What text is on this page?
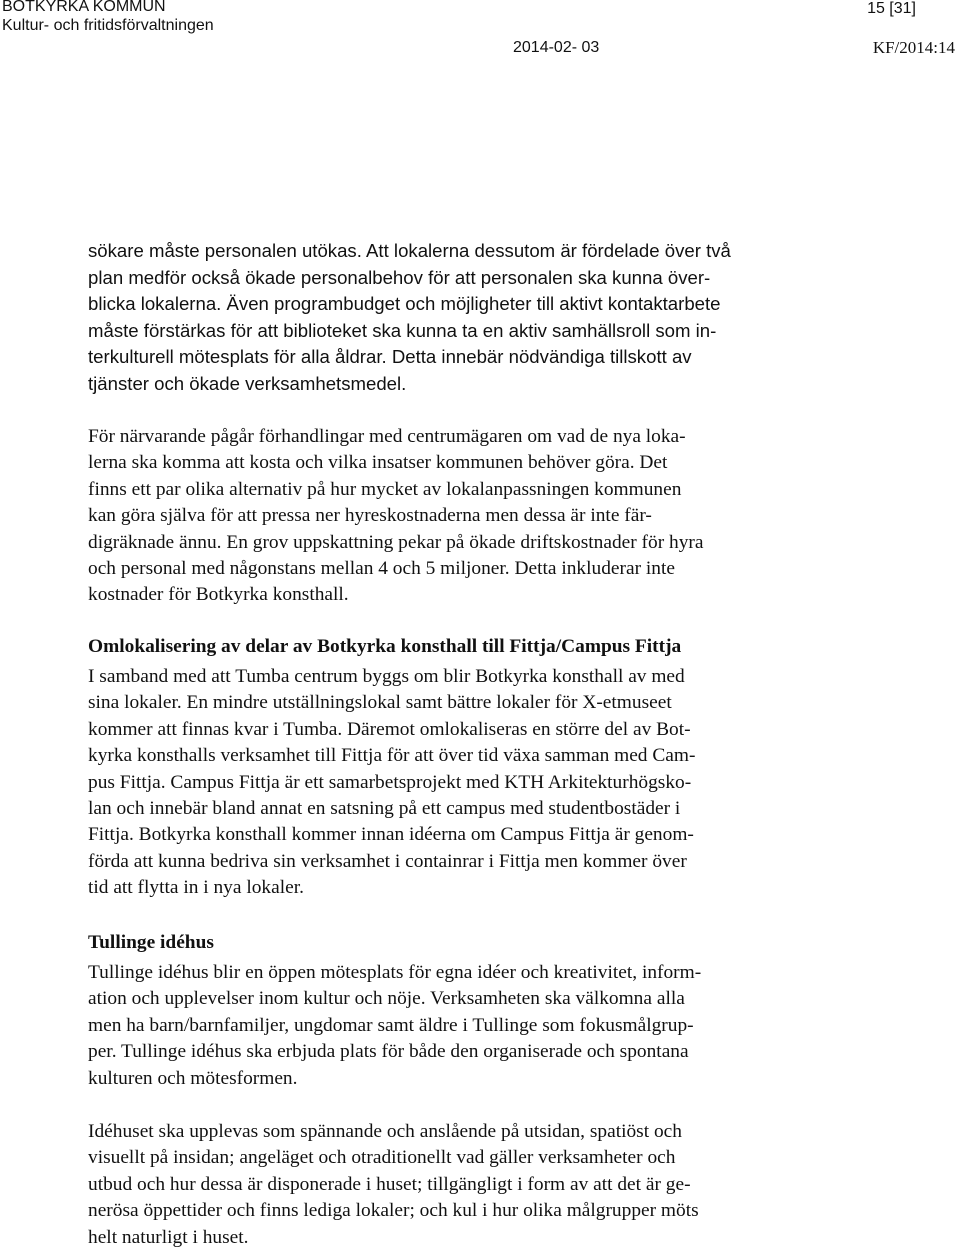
BOTKYRKA KOMMUN
Kultur- och fritidsförvaltningen
15 [31]
2014-02- 03	KF/2014:14

sökare måste personalen utökas. Att lokalerna dessutom är fördelade över två
plan medför också ökade personalbehov för att personalen ska kunna över-
blicka lokalerna. Även programbudget och möjligheter till aktivt kontaktarbete
måste förstärkas för att biblioteket ska kunna ta en aktiv samhällsroll som in-
terkulturell mötesplats för alla åldrar. Detta innebär nödvändiga tillskott av
tjänster och ökade verksamhetsmedel.

För närvarande pågår förhandlingar med centrumägaren om vad de nya loka-
lerna ska komma att kosta och vilka insatser kommunen behöver göra. Det
finns ett par olika alternativ på hur mycket av lokalanpassningen kommunen
kan göra själva för att pressa ner hyreskostnaderna men dessa är inte fär-
digräknade ännu. En grov uppskattning pekar på ökade driftskostnader för hyra
och personal med någonstans mellan 4 och 5 miljoner. Detta inkluderar inte
kostnader för Botkyrka konsthall.

Omlokalisering av delar av Botkyrka konsthall till Fittja/Campus Fittja

I samband med att Tumba centrum byggs om blir Botkyrka konsthall av med
sina lokaler. En mindre utställningslokal samt bättre lokaler för X-etmuseet
kommer att finnas kvar i Tumba. Däremot omlokaliseras en större del av Bot-
kyrka konsthalls verksamhet till Fittja för att över tid växa samman med Cam-
pus Fittja. Campus Fittja är ett samarbetsprojekt med KTH Arkitekturhögsko-
lan och innebär bland annat en satsning på ett campus med studentbostäder i
Fittja. Botkyrka konsthall kommer innan idéerna om Campus Fittja är genom-
förda att kunna bedriva sin verksamhet i containrar i Fittja men kommer över
tid att flytta in i nya lokaler.

Tullinge idéhus

Tullinge idéhus blir en öppen mötesplats för egna idéer och kreativitet, inform-
ation och upplevelser inom kultur och nöje. Verksamheten ska välkomna alla
men ha barn/barnfamiljer, ungdomar samt äldre i Tullinge som fokusmålgrup-
per. Tullinge idéhus ska erbjuda plats för både den organiserade och spontana
kulturen och mötesformen.

Idéhuset ska upplevas som spännande och anslående på utsidan, spatiöst och
visuellt på insidan; angeläget och otraditionellt vad gäller verksamheter och
utbud och hur dessa är disponerade i huset; tillgängligt i form av att det är ge-
nerösa öppettider och finns lediga lokaler; och kul i hur olika målgrupper möts
helt naturligt i huset.
